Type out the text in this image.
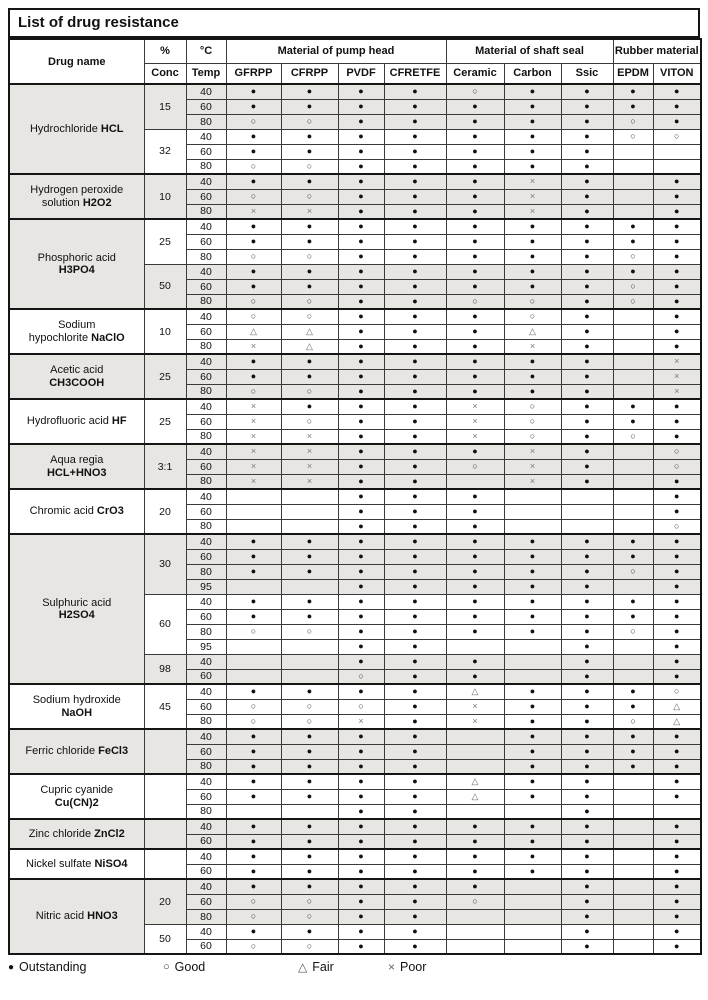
List of drug resistance
Drug name	%	°C	Material of pump head				Material of shaft seal			Rubber material	
	Conc	Temp	GFRPP	CFRPP	PVDF	CFRETFE	Ceramic	Carbon	Ssic	EPDM	VITON
Hydrochloride HCL	15	40	●	●	●	●	○	●	●	●	●
		60	●	●	●	●	●	●	●	●	●
		80	○	○	●	●	●	●	●	○	●
	32	40	●	●	●	●	●	●	●	○	○
		60	●	●	●	●	●	●	●		
		80	○	○	●	●	●	●	●		
Hydrogen peroxide
solution H2O2	10	40	●	●	●	●	●	×	●		●
		60	○	○	●	●	●	×	●		●
		80	×	×	●	●	●	×	●		●
Phosphoric acid
H3PO4	25	40	●	●	●	●	●	●	●	●	●
		60	●	●	●	●	●	●	●	●	●
		80	○	○	●	●	●	●	●	○	●
	50	40	●	●	●	●	●	●	●	●	●
		60	●	●	●	●	●	●	●	○	●
		80	○	○	●	●	○	○	●	○	●
Sodium
hypochlorite NaClO	10	40	○	○	●	●	●	○	●		●
		60	△	△	●	●	●	△	●		●
		80	×	△	●	●	●	×	●		●
Acetic acid
CH3COOH	25	40	●	●	●	●	●	●	●		×
		60	●	●	●	●	●	●	●		×
		80	○	○	●	●	●	●	●		×
Hydrofluoric acid HF	25	40	×	●	●	●	×	○	●	●	●
		60	×	○	●	●	×	○	●	●	●
		80	×	×	●	●	×	○	●	○	●
Aqua regia
HCL+HNO3	3:1	40	×	×	●	●	●	×	●		○
		60	×	×	●	●	○	×	●		○
		80	×	×	●	●		×	●		●
Chromic acid CrO3	20	40			●	●	●				●
		60			●	●	●				●
		80			●	●	●				○
Sulphuric acid
H2SO4	30	40	●	●	●	●	●	●	●	●	●
		60	●	●	●	●	●	●	●	●	●
		80	●	●	●	●	●	●	●	○	●
		95			●	●	●	●	●		●
	60	40	●	●	●	●	●	●	●	●	●
		60	●	●	●	●	●	●	●	●	●
		80	○	○	●	●	●	●	●	○	●
		95			●	●			●		●
	98	40			●	●	●		●		●
		60			○	●	●		●		●
Sodium hydroxide
NaOH	45	40	●	●	●	●	△	●	●	●	○
		60	○	○	○	●	×	●	●	●	△
		80	○	○	×	●	×	●	●	○	△
Ferric chloride FeCl3		40	●	●	●	●		●	●	●	●
		60	●	●	●	●		●	●	●	●
		80	●	●	●	●		●	●	●	●
Cupric cyanide
Cu(CN)2		40	●	●	●	●	△	●	●		●
		60	●	●	●	●	△	●	●		●
		80			●	●			●		
Zinc chloride ZnCl2		40	●	●	●	●	●	●	●		●
		60	●	●	●	●	●	●	●		●
Nickel sulfate NiSO4		40	●	●	●	●	●	●	●		●
		60	●	●	●	●	●	●	●		●
Nitric acid HNO3	20	40	●	●	●	●	●		●		●
		60	○	○	●	●	○		●		●
		80	○	○	●	●			●		●
	50	40	●	●	●	●			●		●
		60	○	○	●	●			●		●
● Outstanding	○ Good	△ Fair	× Poor
